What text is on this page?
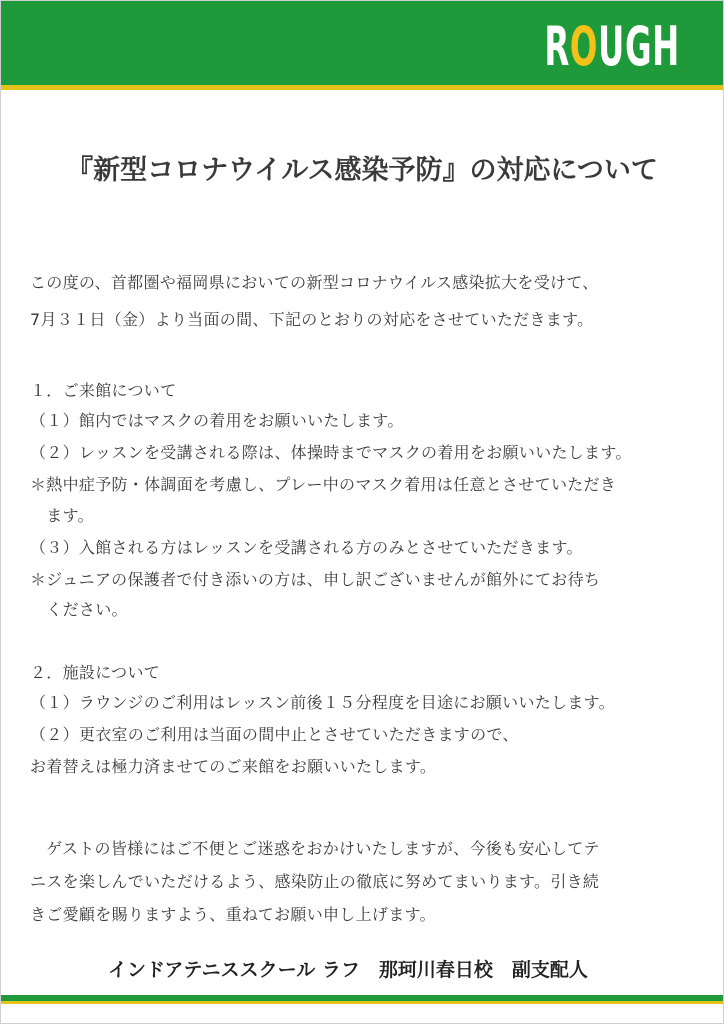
ROUGH
『新型コロナウイルス感染予防』の対応について
この度の、首都圏や福岡県においての新型コロナウイルス感染拡大を受けて、
7月３１日（金）より当面の間、下記のとおりの対応をさせていただきます。
１．ご来館について
（１）館内ではマスクの着用をお願いいたします。
（２）レッスンを受講される際は、体操時までマスクの着用をお願いいたします。
＊熱中症予防・体調面を考慮し、プレー中のマスク着用は任意とさせていただき
　ます。
（３）入館される方はレッスンを受講される方のみとさせていただきます。
＊ジュニアの保護者で付き添いの方は、申し訳ございませんが館外にてお待ち
　ください。
２．施設について
（１）ラウンジのご利用はレッスン前後１５分程度を目途にお願いいたします。
（２）更衣室のご利用は当面の間中止とさせていただきますので、
お着替えは極力済ませてのご来館をお願いいたします。
　ゲストの皆様にはご不便とご迷惑をおかけいたしますが、今後も安心してテ
ニスを楽しんでいただけるよう、感染防止の徹底に努めてまいります。引き続
きご愛顧を賜りますよう、重ねてお願い申し上げます。
インドアテニススクール ラフ　那珂川春日校　副支配人
